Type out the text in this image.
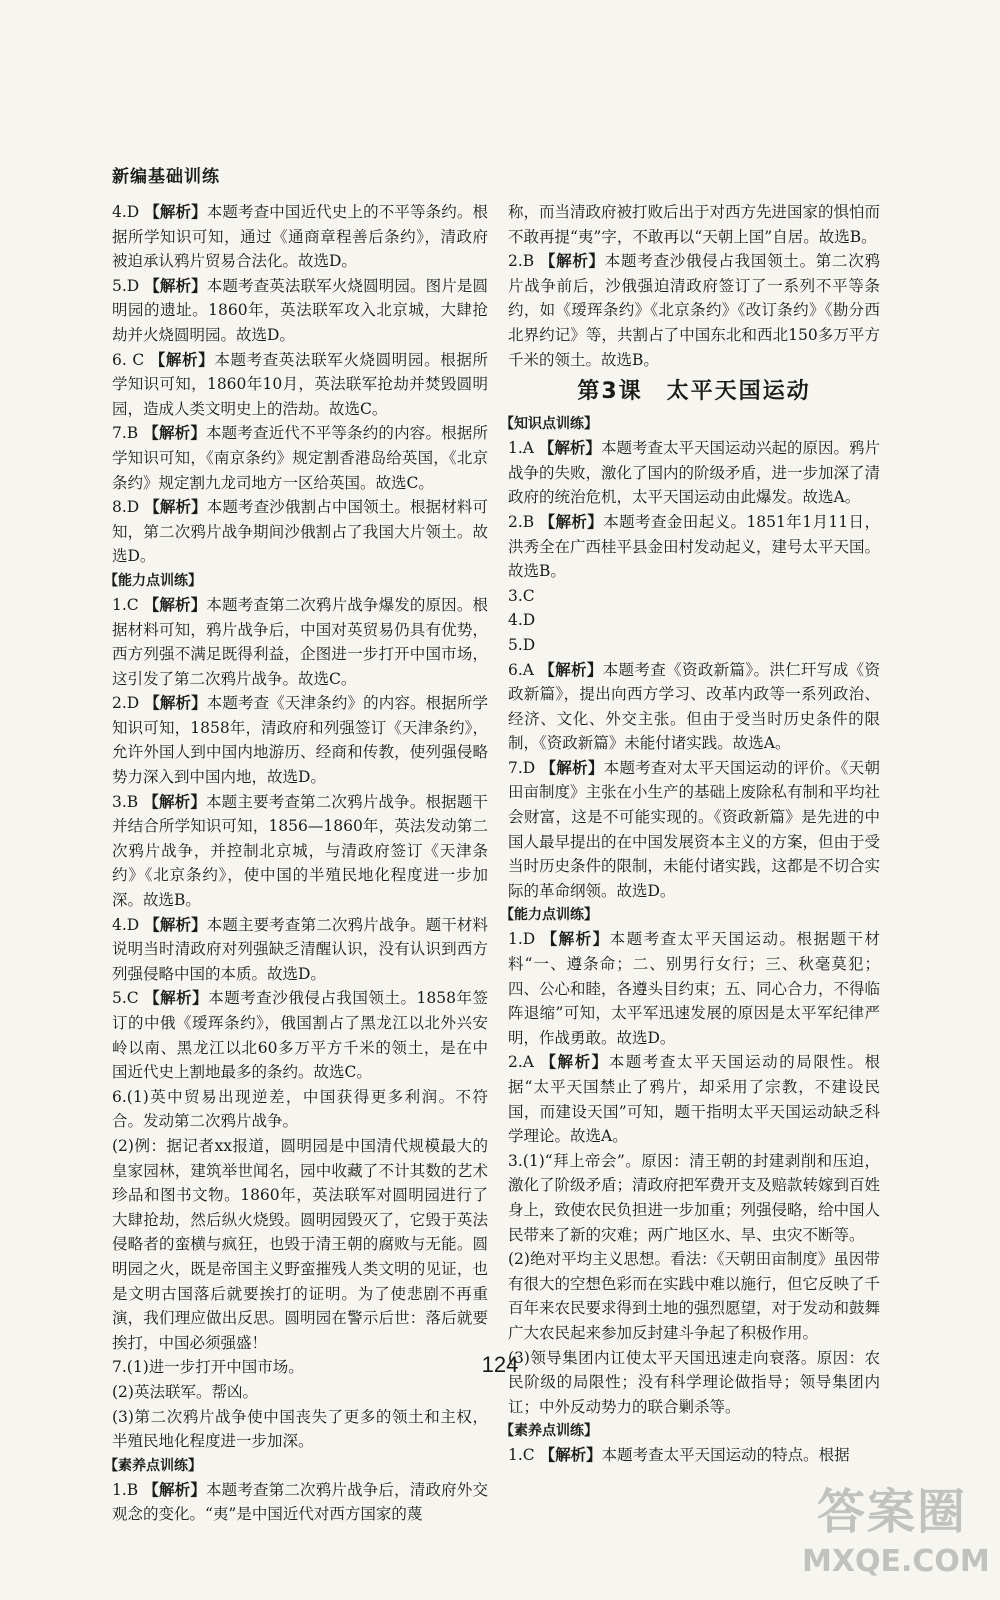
新编基础训练

4.D 【解析】本题考查中国近代史上的不平等条约。根据所学知识可知，通过《通商章程善后条约》，清政府被迫承认鸦片贸易合法化。故选D。

5.D 【解析】本题考查英法联军火烧圆明园。图片是圆明园的遗址。1860年，英法联军攻入北京城，大肆抢劫并火烧圆明园。故选D。

6. C 【解析】本题考查英法联军火烧圆明园。根据所学知识可知，1860年10月，英法联军抢劫并焚毁圆明园，造成人类文明史上的浩劫。故选C。

7.B 【解析】本题考查近代不平等条约的内容。根据所学知识可知，《南京条约》规定割香港岛给英国，《北京条约》规定割九龙司地方一区给英国。故选C。

8.D 【解析】本题考查沙俄割占中国领土。根据材料可知，第二次鸦片战争期间沙俄割占了我国大片领土。故选D。

【能力点训练】

1.C 【解析】本题考查第二次鸦片战争爆发的原因。根据材料可知，鸦片战争后，中国对英贸易仍具有优势，西方列强不满足既得利益，企图进一步打开中国市场，这引发了第二次鸦片战争。故选C。

2.D 【解析】本题考查《天津条约》的内容。根据所学知识可知，1858年，清政府和列强签订《天津条约》，允许外国人到中国内地游历、经商和传教，使列强侵略势力深入到中国内地，故选D。

3.B 【解析】本题主要考查第二次鸦片战争。根据题干并结合所学知识可知，1856—1860年，英法发动第二次鸦片战争，并控制北京城，与清政府签订《天津条约》《北京条约》，使中国的半殖民地化程度进一步加深。故选B。

4.D 【解析】本题主要考查第二次鸦片战争。题干材料说明当时清政府对列强缺乏清醒认识，没有认识到西方列强侵略中国的本质。故选D。

5.C 【解析】本题考查沙俄侵占我国领土。1858年签订的中俄《瑷珲条约》，俄国割占了黑龙江以北外兴安岭以南、黑龙江以北60多万平方千米的领土，是在中国近代史上割地最多的条约。故选C。

6.(1)英中贸易出现逆差，中国获得更多利润。不符合。发动第二次鸦片战争。

(2)例：据记者xx报道，圆明园是中国清代规模最大的皇家园林，建筑举世闻名，园中收藏了不计其数的艺术珍品和图书文物。1860年，英法联军对圆明园进行了大肆抢劫，然后纵火烧毁。圆明园毁灭了，它毁于英法侵略者的蛮横与疯狂，也毁于清王朝的腐败与无能。圆明园之火，既是帝国主义野蛮摧残人类文明的见证，也是文明古国落后就要挨打的证明。为了使悲剧不再重演，我们理应做出反思。圆明园在警示后世：落后就要挨打，中国必须强盛！

7.(1)进一步打开中国市场。

(2)英法联军。帮凶。

(3)第二次鸦片战争使中国丧失了更多的领土和主权，半殖民地化程度进一步加深。

【素养点训练】

1.B 【解析】本题考查第二次鸦片战争后，清政府外交观念的变化。“夷”是中国近代对西方国家的蔑

称，而当清政府被打败后出于对西方先进国家的惧怕而不敢再提“夷”字，不敢再以“天朝上国”自居。故选B。

2.B 【解析】本题考查沙俄侵占我国领土。第二次鸦片战争前后，沙俄强迫清政府签订了一系列不平等条约，如《瑷珲条约》《北京条约》《改订条约》《勘分西北界约记》等，共割占了中国东北和西北150多万平方千米的领土。故选B。

第3课　太平天国运动
【知识点训练】

1.A 【解析】本题考查太平天国运动兴起的原因。鸦片战争的失败，激化了国内的阶级矛盾，进一步加深了清政府的统治危机，太平天国运动由此爆发。故选A。

2.B 【解析】本题考查金田起义。1851年1月11日，洪秀全在广西桂平县金田村发动起义，建号太平天国。故选B。

3.C

4.D

5.D

6.A 【解析】本题考查《资政新篇》。洪仁玕写成《资政新篇》，提出向西方学习、改革内政等一系列政治、经济、文化、外交主张。但由于受当时历史条件的限制，《资政新篇》未能付诸实践。故选A。

7.D 【解析】本题考查对太平天国运动的评价。《天朝田亩制度》主张在小生产的基础上废除私有制和平均社会财富，这是不可能实现的。《资政新篇》是先进的中国人最早提出的在中国发展资本主义的方案，但由于受当时历史条件的限制，未能付诸实践，这都是不切合实际的革命纲领。故选D。

【能力点训练】

1.D 【解析】本题考查太平天国运动。根据题干材料“一、遵条命；二、别男行女行；三、秋毫莫犯；四、公心和睦，各遵头目约束；五、同心合力，不得临阵退缩”可知，太平军迅速发展的原因是太平军纪律严明，作战勇敢。故选D。

2.A 【解析】本题考查太平天国运动的局限性。根据“太平天国禁止了鸦片，却采用了宗教，不建设民国，而建设天国”可知，题干指明太平天国运动缺乏科学理论。故选A。

3.(1)“拜上帝会”。原因：清王朝的封建剥削和压迫，激化了阶级矛盾；清政府把军费开支及赔款转嫁到百姓身上，致使农民负担进一步加重；列强侵略，给中国人民带来了新的灾难；两广地区水、旱、虫灾不断等。

(2)绝对平均主义思想。看法：《天朝田亩制度》虽因带有很大的空想色彩而在实践中难以施行，但它反映了千百年来农民要求得到土地的强烈愿望，对于发动和鼓舞广大农民起来参加反封建斗争起了积极作用。

(3)领导集团内讧使太平天国迅速走向衰落。原因：农民阶级的局限性；没有科学理论做指导；领导集团内讧；中外反动势力的联合剿杀等。

【素养点训练】

1.C 【解析】本题考查太平天国运动的特点。根据

124
答案圈
MXQE.COM
